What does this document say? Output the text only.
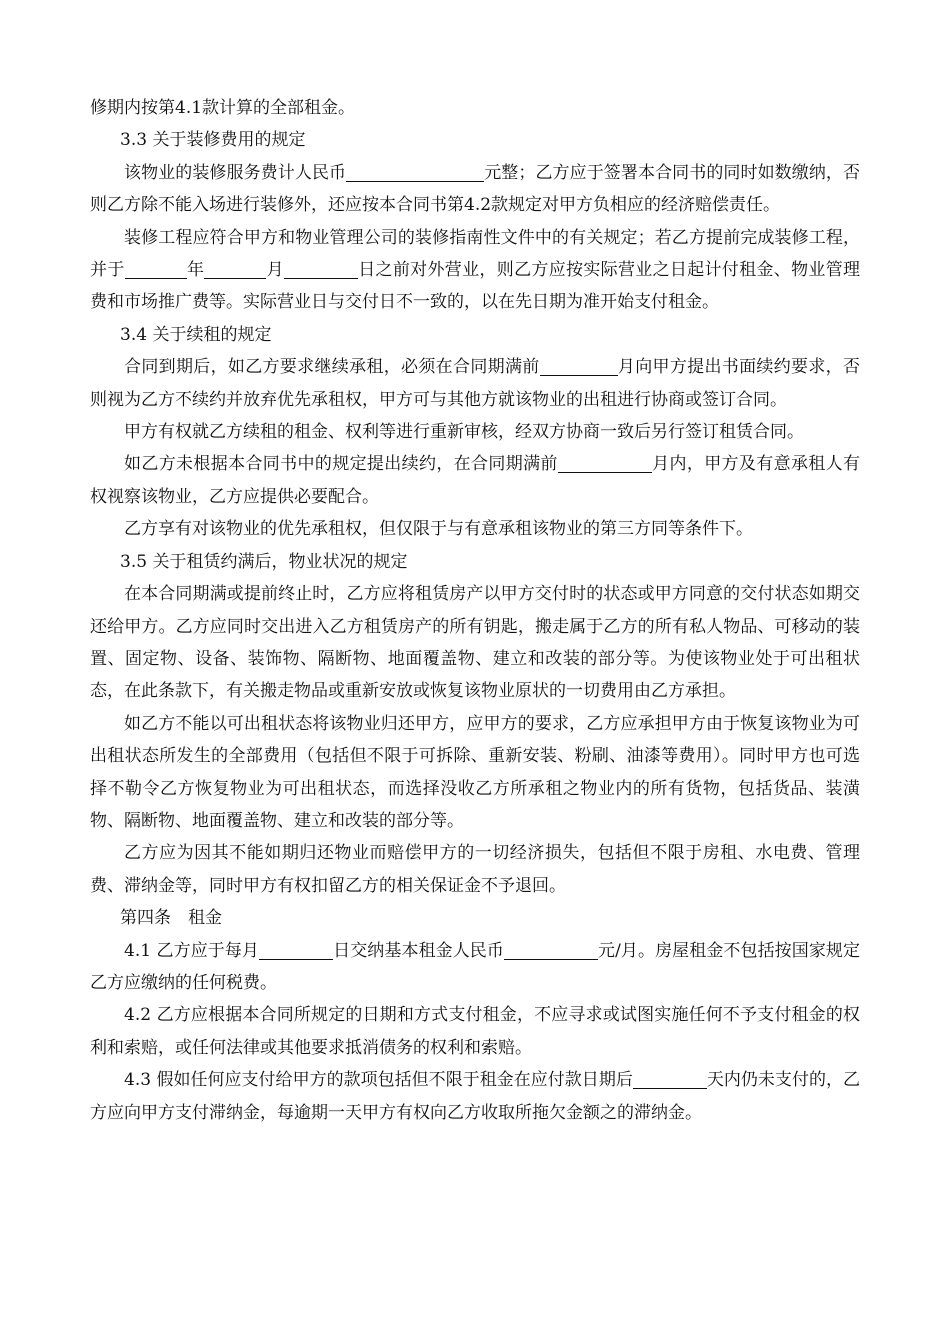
修期内按第4.1款计算的全部租金。

3.3 关于装修费用的规定

该物业的装修服务费计人民币	元整；乙方应于签署本合同书的同时如数缴纳，否则乙方除不能入场进行装修外，还应按本合同书第4.2款规定对甲方负相应的经济赔偿责任。

装修工程应符合甲方和物业管理公司的装修指南性文件中的有关规定；若乙方提前完成装修工程，并于	年	月	日之前对外营业，则乙方应按实际营业之日起计付租金、物业管理费和市场推广费等。实际营业日与交付日不一致的，以在先日期为准开始支付租金。

3.4 关于续租的规定

合同到期后，如乙方要求继续承租，必须在合同期满前	月向甲方提出书面续约要求，否则视为乙方不续约并放弃优先承租权，甲方可与其他方就该物业的出租进行协商或签订合同。

甲方有权就乙方续租的租金、权利等进行重新审核，经双方协商一致后另行签订租赁合同。

如乙方未根据本合同书中的规定提出续约，在合同期满前	月内，甲方及有意承租人有权视察该物业，乙方应提供必要配合。

乙方享有对该物业的优先承租权，但仅限于与有意承租该物业的第三方同等条件下。

3.5 关于租赁约满后，物业状况的规定

在本合同期满或提前终止时，乙方应将租赁房产以甲方交付时的状态或甲方同意的交付状态如期交还给甲方。乙方应同时交出进入乙方租赁房产的所有钥匙，搬走属于乙方的所有私人物品、可移动的装置、固定物、设备、装饰物、隔断物、地面覆盖物、建立和改装的部分等。为使该物业处于可出租状态，在此条款下，有关搬走物品或重新安放或恢复该物业原状的一切费用由乙方承担。

如乙方不能以可出租状态将该物业归还甲方，应甲方的要求，乙方应承担甲方由于恢复该物业为可出租状态所发生的全部费用（包括但不限于可拆除、重新安装、粉刷、油漆等费用）。同时甲方也可选择不勒令乙方恢复物业为可出租状态，而选择没收乙方所承租之物业内的所有货物，包括货品、装潢物、隔断物、地面覆盖物、建立和改装的部分等。

乙方应为因其不能如期归还物业而赔偿甲方的一切经济损失，包括但不限于房租、水电费、管理费、滞纳金等，同时甲方有权扣留乙方的相关保证金不予退回。

第四条　租金

4.1 乙方应于每月	日交纳基本租金人民币	元/月。房屋租金不包括按国家规定乙方应缴纳的任何税费。

4.2 乙方应根据本合同所规定的日期和方式支付租金，不应寻求或试图实施任何不予支付租金的权利和索赔，或任何法律或其他要求抵消债务的权利和索赔。

4.3 假如任何应支付给甲方的款项包括但不限于租金在应付款日期后	天内仍未支付的，乙方应向甲方支付滞纳金，每逾期一天甲方有权向乙方收取所拖欠金额之的滞纳金。
